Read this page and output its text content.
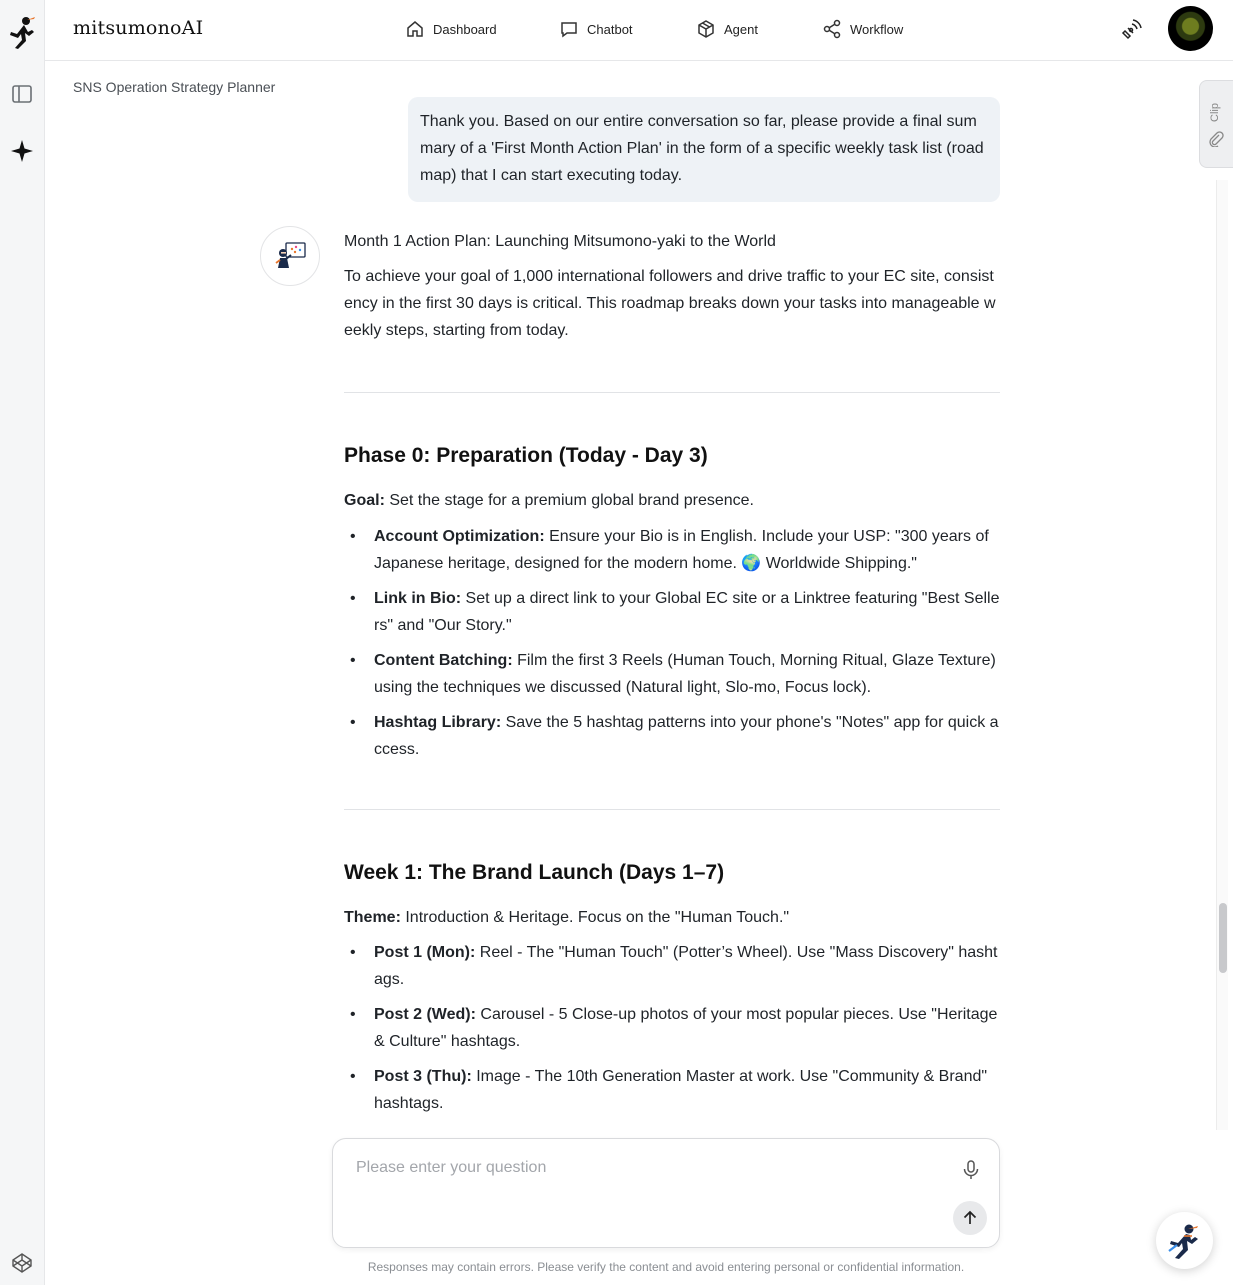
mitsumonoAI	Dashboard	Chatbot	Agent	Workflow
SNS Operation Strategy Planner
Clip
Thank you. Based on our entire conversation so far, please provide a final summary of a 'First Month Action Plan' in the form of a specific weekly task list (roadmap) that I can start executing today.

Month 1 Action Plan: Launching Mitsumono-yaki to the World

To achieve your goal of 1,000 international followers and drive traffic to your EC site, consistency in the first 30 days is critical. This roadmap breaks down your tasks into manageable weekly steps, starting from today.

Phase 0: Preparation (Today - Day 3)

Goal: Set the stage for a premium global brand presence.

• Account Optimization: Ensure your Bio is in English. Include your USP: "300 years of Japanese heritage, designed for the modern home. 🌍 Worldwide Shipping."
• Link in Bio: Set up a direct link to your Global EC site or a Linktree featuring "Best Sellers" and "Our Story."
• Content Batching: Film the first 3 Reels (Human Touch, Morning Ritual, Glaze Texture) using the techniques we discussed (Natural light, Slo-mo, Focus lock).
• Hashtag Library: Save the 5 hashtag patterns into your phone's "Notes" app for quick access.
Week 1: The Brand Launch (Days 1–7)

Theme: Introduction & Heritage. Focus on the "Human Touch."

• Post 1 (Mon): Reel - The "Human Touch" (Potter’s Wheel). Use "Mass Discovery" hashtags.
• Post 2 (Wed): Carousel - 5 Close-up photos of your most popular pieces. Use "Heritage & Culture" hashtags.
• Post 3 (Thu): Image - The 10th Generation Master at work. Use "Community & Brand" hashtags.
Please enter your question
Responses may contain errors. Please verify the content and avoid entering personal or confidential information.
